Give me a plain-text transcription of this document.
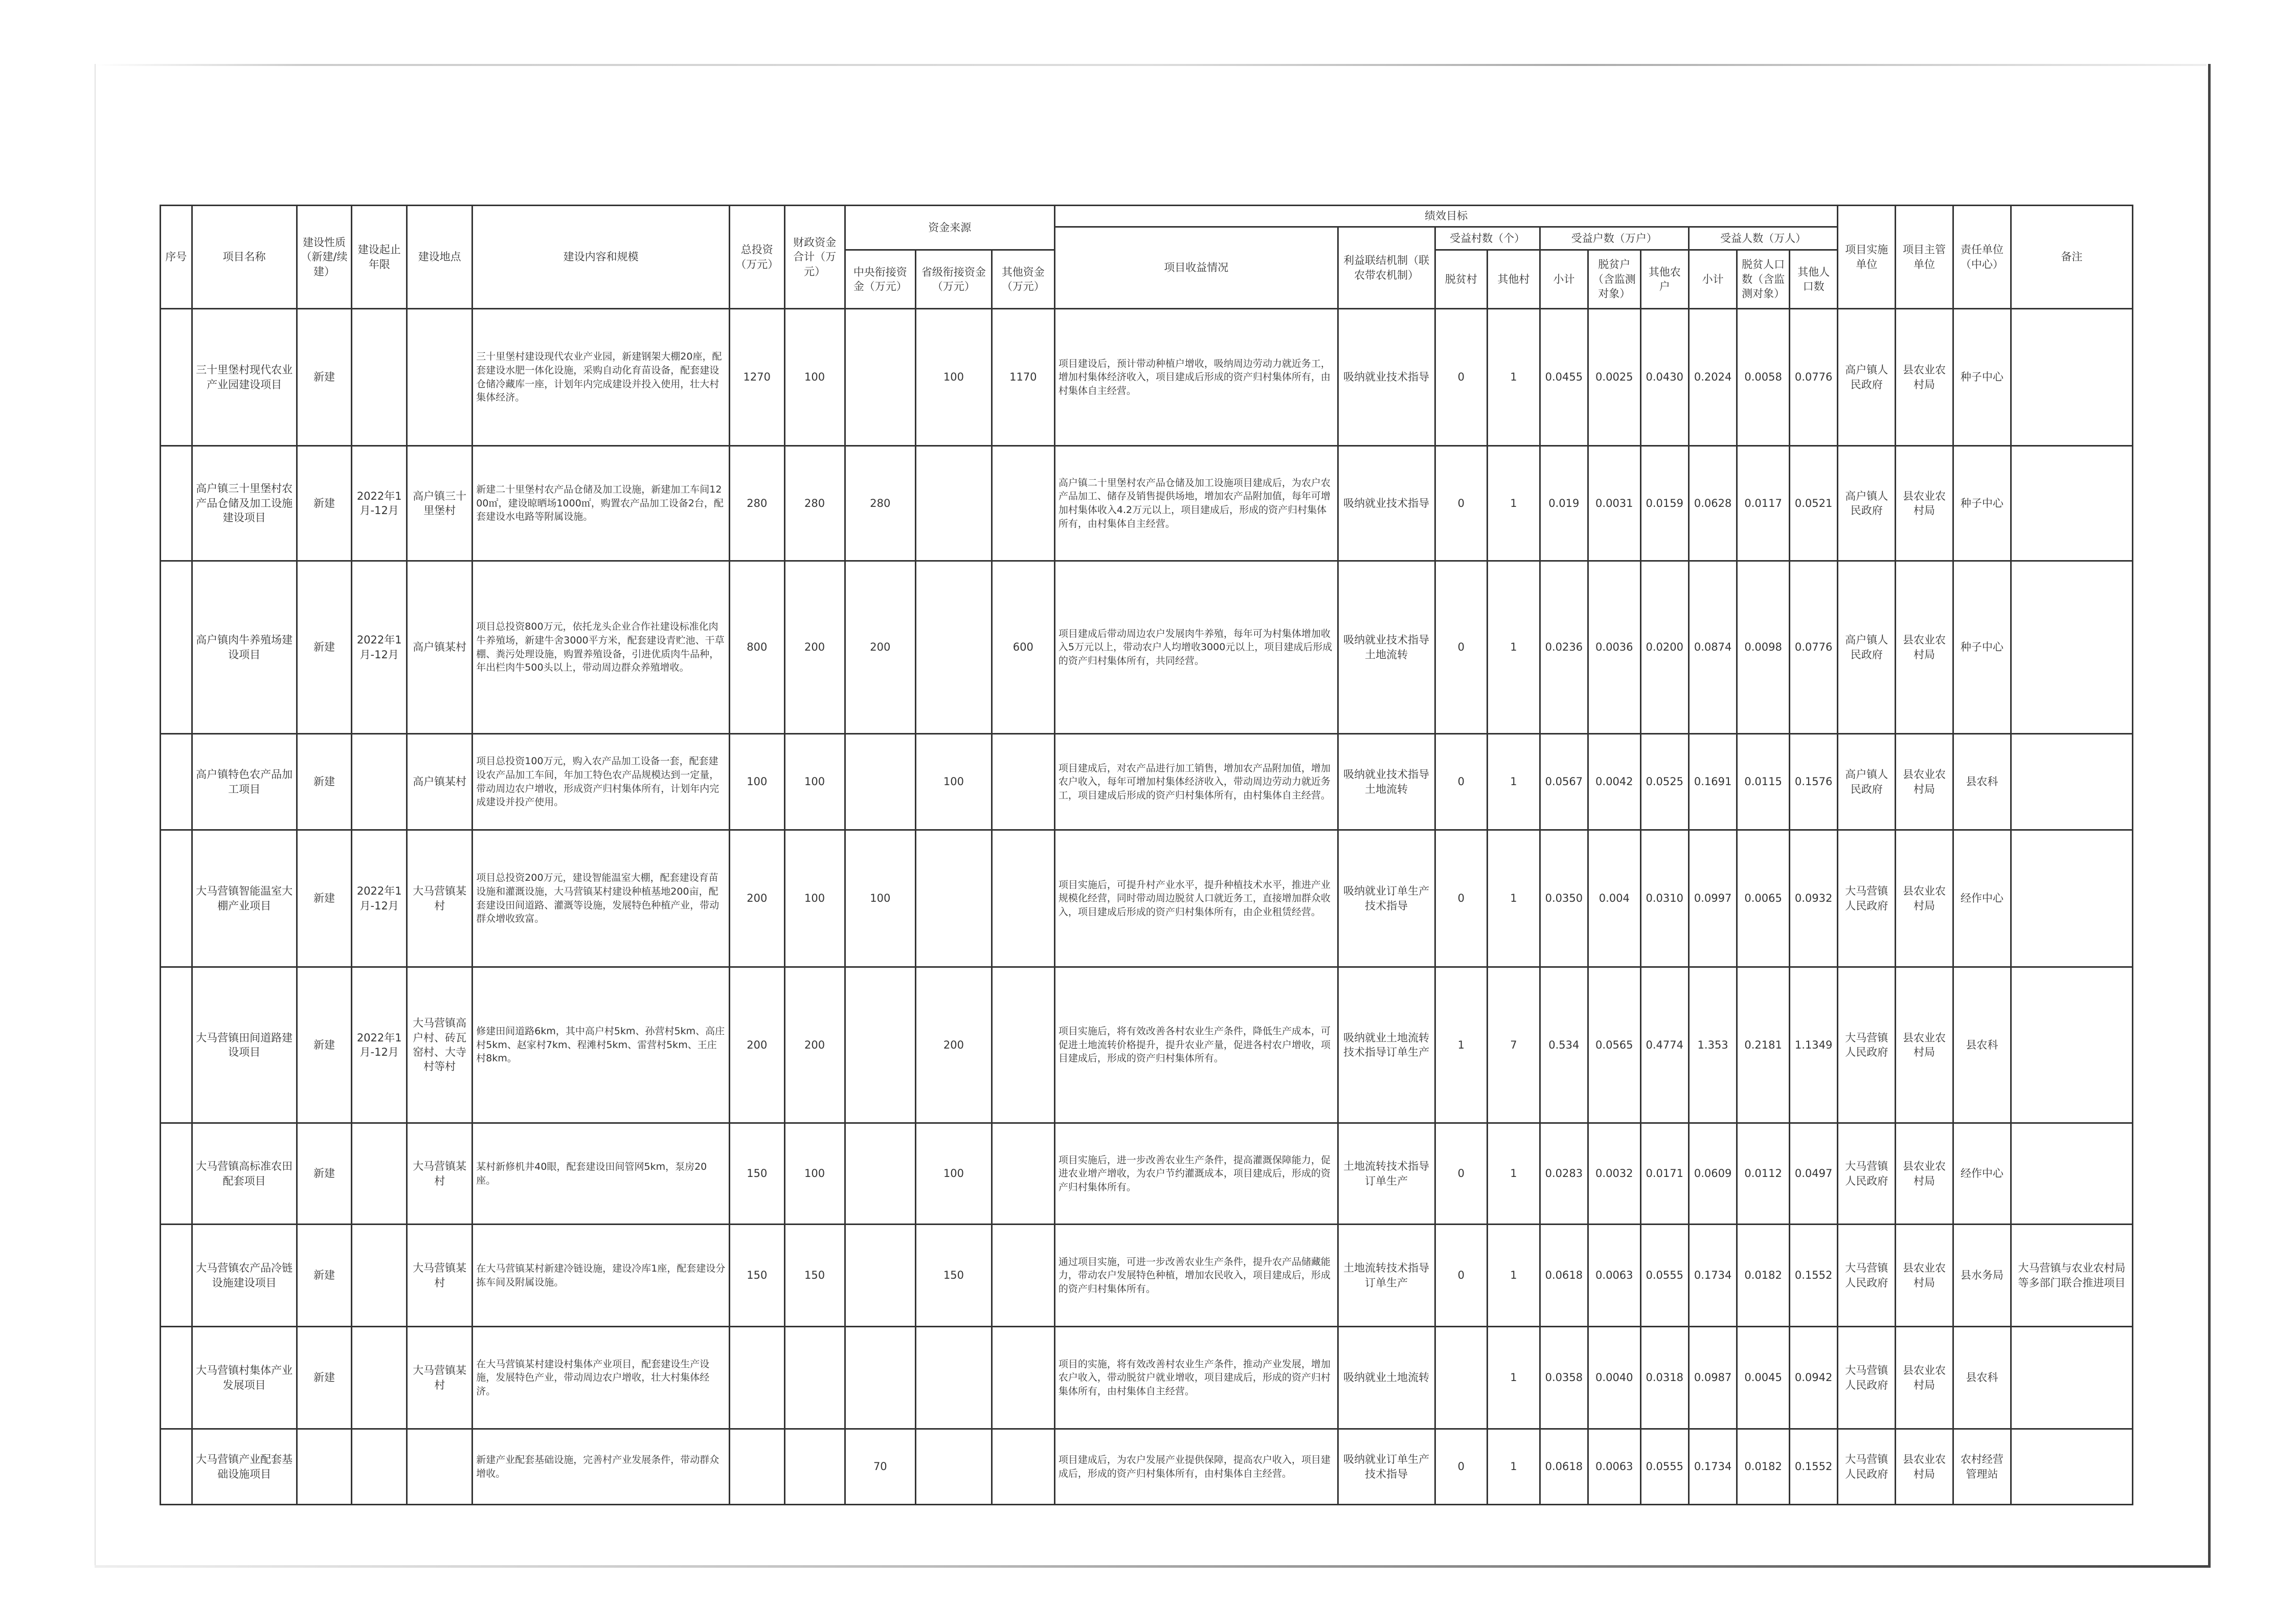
序号	项目名称	建设性质（新建/续建）	建设起止年限	建设地点	建设内容和规模	总投资（万元）	财政资金合计（万元）	资金来源			绩效目标										项目实施单位	项目主管单位	责任单位（中心）	备注
											项目收益情况	利益联结机制（联农带农机制）	受益村数（个）		受益户数（万户）			受益人数（万人）						
								中央衔接资金（万元）	省级衔接资金（万元）	其他资金（万元）			脱贫村	其他村	小计	脱贫户（含监测对象）	其他农户	小计	脱贫人口数（含监测对象）	其他人口数				
	三十里堡村现代农业产业园建设项目	新建			三十里堡村建设现代农业产业园，新建钢架大棚20座，配套建设水肥一体化设施，采购自动化育苗设备，配套建设仓储冷藏库一座，计划年内完成建设并投入使用，壮大村集体经济。	1270	100		100	1170	项目建设后，预计带动种植户增收，吸纳周边劳动力就近务工，增加村集体经济收入，项目建成后形成的资产归村集体所有，由村集体自主经营。	吸纳就业技术指导	0	1	0.0455	0.0025	0.0430	0.2024	0.0058	0.0776	高户镇人民政府	县农业农村局	种子中心	
	高户镇三十里堡村农产品仓储及加工设施建设项目	新建	2022年1月-12月	高户镇三十里堡村	新建二十里堡村农产品仓储及加工设施，新建加工车间1200㎡，建设晾晒场1000㎡，购置农产品加工设备2台，配套建设水电路等附属设施。	280	280	280			高户镇二十里堡村农产品仓储及加工设施项目建成后，为农户农产品加工、储存及销售提供场地，增加农产品附加值，每年可增加村集体收入4.2万元以上，项目建成后，形成的资产归村集体所有，由村集体自主经营。	吸纳就业技术指导	0	1	0.019	0.0031	0.0159	0.0628	0.0117	0.0521	高户镇人民政府	县农业农村局	种子中心	
	高户镇肉牛养殖场建设项目	新建	2022年1月-12月	高户镇某村	项目总投资800万元，依托龙头企业合作社建设标准化肉牛养殖场，新建牛舍3000平方米，配套建设青贮池、干草棚、粪污处理设施，购置养殖设备，引进优质肉牛品种，年出栏肉牛500头以上，带动周边群众养殖增收。	800	200	200		600	项目建成后带动周边农户发展肉牛养殖，每年可为村集体增加收入5万元以上，带动农户人均增收3000元以上，项目建成后形成的资产归村集体所有，共同经营。	吸纳就业技术指导土地流转	0	1	0.0236	0.0036	0.0200	0.0874	0.0098	0.0776	高户镇人民政府	县农业农村局	种子中心	
	高户镇特色农产品加工项目	新建		高户镇某村	项目总投资100万元，购入农产品加工设备一套，配套建设农产品加工车间，年加工特色农产品规模达到一定量，带动周边农户增收，形成资产归村集体所有，计划年内完成建设并投产使用。	100	100		100		项目建成后，对农产品进行加工销售，增加农产品附加值，增加农户收入，每年可增加村集体经济收入，带动周边劳动力就近务工，项目建成后形成的资产归村集体所有，由村集体自主经营。	吸纳就业技术指导土地流转	0	1	0.0567	0.0042	0.0525	0.1691	0.0115	0.1576	高户镇人民政府	县农业农村局	县农科	
	大马营镇智能温室大棚产业项目	新建	2022年1月-12月	大马营镇某村	项目总投资200万元，建设智能温室大棚，配套建设育苗设施和灌溉设施，大马营镇某村建设种植基地200亩，配套建设田间道路、灌溉等设施，发展特色种植产业，带动群众增收致富。	200	100	100			项目实施后，可提升村产业水平，提升种植技术水平，推进产业规模化经营，同时带动周边脱贫人口就近务工，直接增加群众收入，项目建成后形成的资产归村集体所有，由企业租赁经营。	吸纳就业订单生产技术指导	0	1	0.0350	0.004	0.0310	0.0997	0.0065	0.0932	大马营镇人民政府	县农业农村局	经作中心	
	大马营镇田间道路建设项目	新建	2022年1月-12月	大马营镇高户村、砖瓦窑村、大寺村等村	修建田间道路6km，其中高户村5km、孙营村5km、高庄村5km、赵家村7km、程滩村5km、雷营村5km、王庄村8km。	200	200		200		项目实施后，将有效改善各村农业生产条件，降低生产成本，可促进土地流转价格提升，提升农业产量，促进各村农户增收，项目建成后，形成的资产归村集体所有。	吸纳就业土地流转技术指导订单生产	1	7	0.534	0.0565	0.4774	1.353	0.2181	1.1349	大马营镇人民政府	县农业农村局	县农科	
	大马营镇高标准农田配套项目	新建		大马营镇某村	某村新修机井40眼，配套建设田间管网5km，泵房20座。	150	100		100		项目实施后，进一步改善农业生产条件，提高灌溉保障能力，促进农业增产增收，为农户节约灌溉成本，项目建成后，形成的资产归村集体所有。	土地流转技术指导订单生产	0	1	0.0283	0.0032	0.0171	0.0609	0.0112	0.0497	大马营镇人民政府	县农业农村局	经作中心	
	大马营镇农产品冷链设施建设项目	新建		大马营镇某村	在大马营镇某村新建冷链设施，建设冷库1座，配套建设分拣车间及附属设施。	150	150		150		通过项目实施，可进一步改善农业生产条件，提升农产品储藏能力，带动农户发展特色种植，增加农民收入，项目建成后，形成的资产归村集体所有。	土地流转技术指导订单生产	0	1	0.0618	0.0063	0.0555	0.1734	0.0182	0.1552	大马营镇人民政府	县农业农村局	县水务局	大马营镇与农业农村局等多部门联合推进项目
	大马营镇村集体产业发展项目	新建		大马营镇某村	在大马营镇某村建设村集体产业项目，配套建设生产设施，发展特色产业，带动周边农户增收，壮大村集体经济。						项目的实施，将有效改善村农业生产条件，推动产业发展，增加农户收入，带动脱贫户就业增收，项目建成后，形成的资产归村集体所有，由村集体自主经营。	吸纳就业土地流转		1	0.0358	0.0040	0.0318	0.0987	0.0045	0.0942	大马营镇人民政府	县农业农村局	县农科	
	大马营镇产业配套基础设施项目				新建产业配套基础设施，完善村产业发展条件，带动群众增收。			70			项目建成后，为农户发展产业提供保障，提高农户收入，项目建成后，形成的资产归村集体所有，由村集体自主经营。	吸纳就业订单生产技术指导	0	1	0.0618	0.0063	0.0555	0.1734	0.0182	0.1552	大马营镇人民政府	县农业农村局	农村经营管理站	
